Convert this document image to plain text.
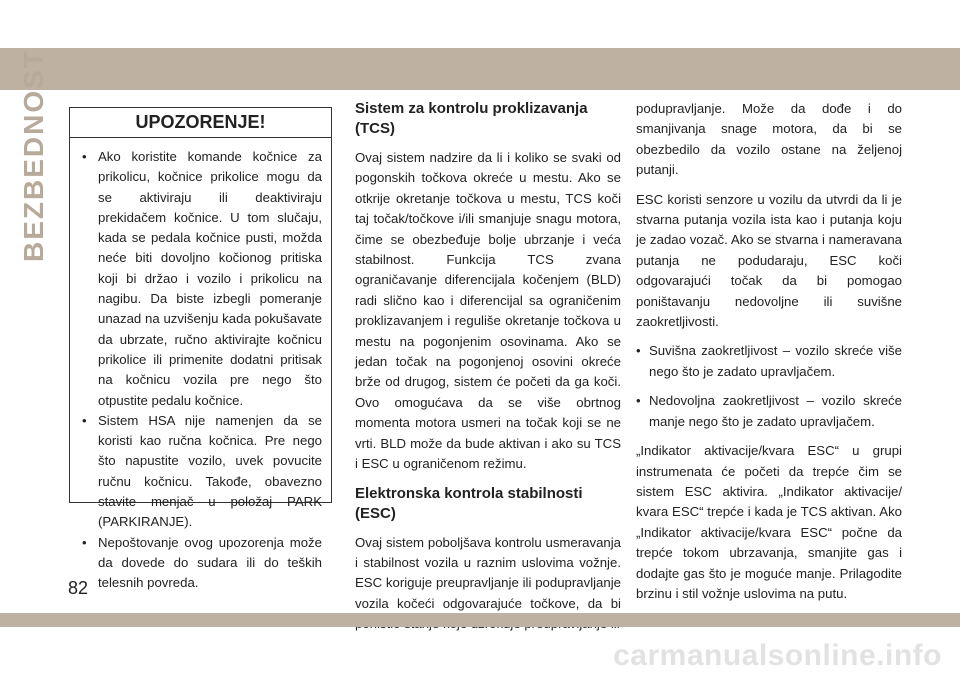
BEZBEDNOST	UPOZORENJE!
• Ako koristite komande kočnice za prikolicu, kočnice prikolice mogu da se aktiviraju ili deaktiviraju prekidačem kočnice. U tom slučaju, kada se pedala kočnice pusti, možda neće biti dovoljno kočionog pritiska koji bi držao i vozilo i prikolicu na nagibu. Da biste izbegli pomeranje unazad na uzvišenju kada pokušavate da ubrzate, ručno aktivirajte kočnicu prikolice ili primenite dodatni pritisak na kočnicu vozila pre nego što otpustite pedalu kočnice.
• Sistem HSA nije namenjen da se koristi kao ručna kočnica. Pre nego što napustite vozilo, uvek povucite ručnu kočnicu. Takođe, obavezno stavite menjač u položaj PARK (PARKIRANJE).
• Nepoštovanje ovog upozorenja može da dovede do sudara ili do teških telesnih povreda.
Sistem za kontrolu proklizavanja (TCS)

Ovaj sistem nadzire da li i koliko se svaki od pogonskih točkova okreće u mestu. Ako se otkrije okretanje točkova u mestu, TCS koči taj točak/točkove i/ili smanjuje snagu motora, čime se obezbeđuje bolje ubrzanje i veća stabilnost. Funkcija TCS zvana ograničavanje diferencijala kočenjem (BLD) radi slično kao i diferencijal sa ograničenim proklizavanjem i reguliše okretanje točkova u mestu na pogonjenim osovinama. Ako se jedan točak na pogonjenoj osovini okreće brže od drugog, sistem će početi da ga koči. Ovo omogućava da se više obrtnog momenta motora usmeri na točak koji se ne vrti. BLD može da bude aktivan i ako su TCS i ESC u ograničenom režimu.

Elektronska kontrola stabilnosti (ESC)

Ovaj sistem poboljšava kontrolu usmeravanja i stabilnost vozila u raznim uslovima vožnje. ESC koriguje preupravljanje ili podupravljanje vozila kočeći odgovarajuće točkove, da bi

podupravljanje. Može da dođe i do smanjivanja snage motora, da bi se obezbedilo da vozilo ostane na željenoj putanji.

ESC koristi senzore u vozilu da utvrdi da li je stvarna putanja vozila ista kao i putanja koju je zadao vozač. Ako se stvarna i nameravana putanja ne podudaraju, ESC koči odgovarajući točak da bi pomogao poništavanju nedovoljne ili suvišne zaokretljivosti.

• Suvišna zaokretljivost – vozilo skreće više nego što je zadato upravljačem.
• Nedovoljna zaokretljivost – vozilo skreće manje nego što je zadato upravljačem.

„Indikator aktivacije/kvara ESC“ u grupi instrumenata će početi da trepće čim se sistem ESC aktivira. „Indikator aktivacije/ kvara ESC“ trepće i kada je TCS aktivan. Ako „Indikator aktivacije/kvara ESC“ počne da trepće tokom ubrzavanja, smanjite gas i dodajte gas što je moguće manje. Prilagodite brzinu i stil vožnje uslovima na putu.

82
carmanualsonline.info
